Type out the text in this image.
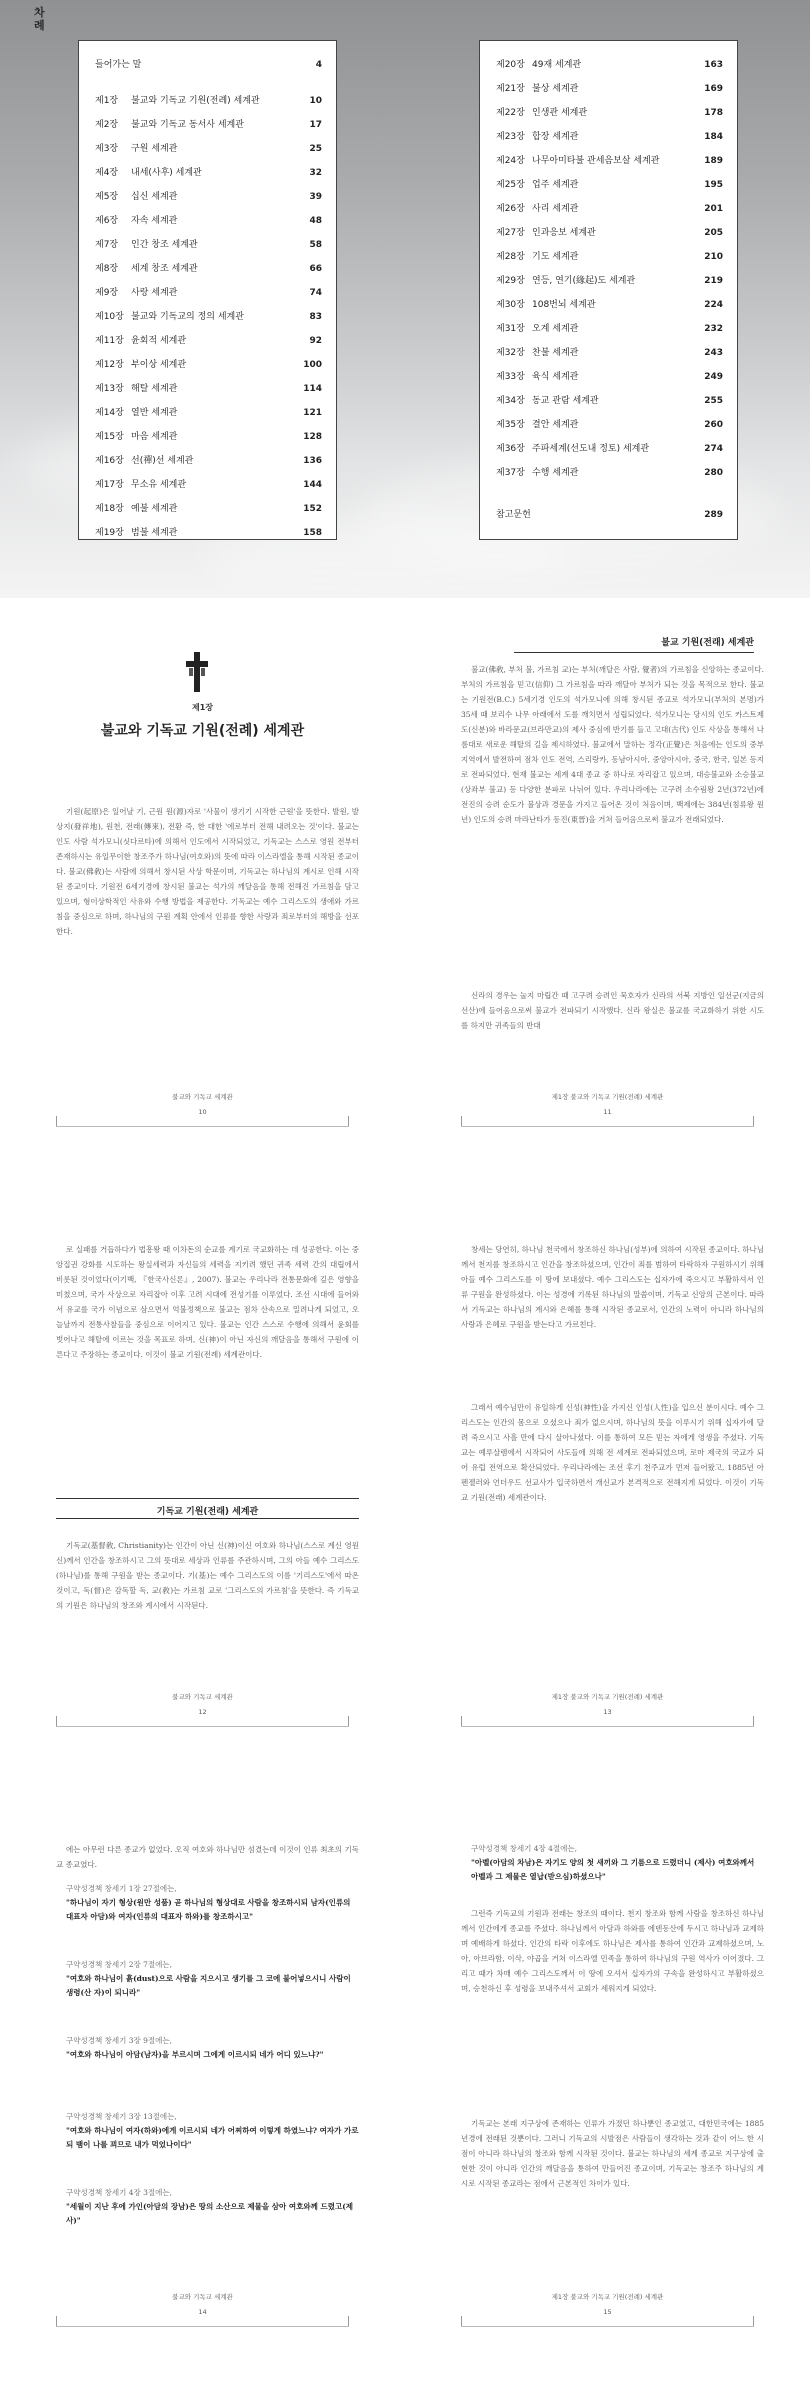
차례
들어가는 말	4
제1장	불교와 기독교 기원(전례) 세계관	10
제2장	불교와 기독교 동서사 세계관	17
제3장	구원 세계관	25
제4장	내세(사후) 세계관	32
제5장	십신 세계관	39
제6장	자속 세계관	48
제7장	인간 창조 세계관	58
제8장	세계 창조 세계관	66
제9장	사랑 세계관	74
제10장 불교와 기독교의 정의 세계관	83
제11장 윤회적 세계관	92
제12장 부이상 세계관	100
제13장 해탈 세계관	114
제14장 열반 세계관	121
제15장 마음 세계관	128
제16장 선(禪)선 세계관	136
제17장 무소유 세계관	144
제18장 예불 세계관	152
제19장 범불 세계관	158
제20장 49재 세계관	163
제21장 불상 세계관	169
제22장 인생관 세계관	178
제23장 합장 세계관	184
제24장 나무아미타불 관세음보살 세계관	189
제25장 업주 세계관	195
제26장 사리 세계관	201
제27장 인과응보 세계관	205
제28장 기도 세계관	210
제29장 연등, 연기(緣起)도 세계관	219
제30장 108번뇌 세계관	224
제31장 오계 세계관	232
제32장 찬불 세계관	243
제33장 육식 세계관	249
제34장 동교 관람 세계관	255
제35장 결안 세계관	260
제36장 주파세계(선도내 정토) 세계관	274
제37장 수행 세계관	280
참고문헌	289
제1장
불교와 기독교 기원(전례) 세계관
기원(起原)은 일어날 기, 근원 원(源)자로 '사물이 생기기 시작한 근원'을 뜻한다. 발원, 발상지(發祥地), 원천, 전래(傳來), 전환 즉, 한 대한 '에로부터 전해 내려오는 것'이다. 불교는 인도 사람 석가모니(싯다르타)에 의해서 인도에서 시작되었고, 기독교는 스스로 영원 전부터 존재하시는 유일무이한 창조주가 하나님(여호와)의 뜻에 따라 이스라엘을 통해 시작된 종교이다. 불교(佛敎)는 사람에 의해서 창시된 사상 학문이며, 기독교는 하나님의 계시로 인해 시작된 종교이다. 기원전 6세기경에 창시된 불교는 석가의 깨달음을 통해 전해진 가르침을 담고 있으며, 형이상학적인 사유와 수행 방법을 제공한다. 기독교는 예수 그리스도의 생애와 가르침을 중심으로 하며, 하나님의 구원 계획 안에서 인류를 향한 사랑과 죄로부터의 해방을 선포한다.
불교와 기독교 세계관
10
불교 기원(전래) 세계관
불교(佛敎, 부처 불, 가르침 교)는 부처(깨달은 사람, 覺者)의 가르침을 신앙하는 종교이다. 부처의 가르침을 믿고(信仰) 그 가르침을 따라 깨달아 부처가 되는 것을 목적으로 한다. 불교는 기원전(B.C.) 5세기경 인도의 석가모니에 의해 창시된 종교로 석가모니(부처의 본명)가 35세 때 보리수 나무 아래에서 도를 깨치면서 성립되었다. 석가모니는 당시의 인도 카스트제도(신분)와 바라문교(브라만교)의 제사 중심에 반기를 들고 고대(古代) 인도 사상을 통해서 나름대로 새로운 해탈의 길을 제시하였다. 불교에서 말하는 정각(正覺)은 처음에는 인도의 중부 지역에서 발전하여 점차 인도 전역, 스리랑카, 동남아시아, 중앙아시아, 중국, 한국, 일본 등지로 전파되었다. 현재 불교는 세계 4대 종교 중 하나로 자리잡고 있으며, 대승불교와 소승불교(상좌부 불교) 등 다양한 분파로 나뉘어 있다. 우리나라에는 고구려 소수림왕 2년(372년)에 전진의 승려 순도가 불상과 경문을 가지고 들어온 것이 처음이며, 백제에는 384년(침류왕 원년) 인도의 승려 마라난타가 동진(東晉)을 거쳐 들어옴으로써 불교가 전래되었다.
신라의 경우는 눌지 마립간 때 고구려 승려인 묵호자가 신라의 서북 지방인 일선군(지금의 선산)에 들어옴으로써 불교가 전파되기 시작했다. 신라 왕실은 불교를 국교화하기 위한 시도를 하지만 귀족들의 반대
제1장 불교와 기독교 기원(전례) 세계관
11
로 실패를 거듭하다가 법흥왕 때 이차돈의 순교를 계기로 국교화하는 데 성공한다. 이는 중앙집권 강화를 시도하는 왕실세력과 자신들의 세력을 지키려 했던 귀족 세력 간의 대립에서 비롯된 것이었다(이기백, 『한국사신론』, 2007). 불교는 우리나라 전통문화에 깊은 영향을 미쳤으며, 국가 사상으로 자리잡아 이후 고려 시대에 전성기를 이루었다. 조선 시대에 들어와서 유교를 국가 이념으로 삼으면서 억불정책으로 불교는 점차 산속으로 밀려나게 되었고, 오늘날까지 전통사찰들을 중심으로 이어지고 있다. 불교는 인간 스스로 수행에 의해서 윤회를 벗어나고 해탈에 이르는 것을 목표로 하며, 신(神)이 아닌 자신의 깨달음을 통해서 구원에 이른다고 주장하는 종교이다. 이것이 불교 기원(전례) 세계관이다.
기독교 기원(전래) 세계관
기독교(基督敎, Christianity)는 인간이 아닌 신(神)이신 여호와 하나님(스스로 계신 영원 신)께서 인간을 창조하시고 그의 뜻대로 세상과 인류를 주관하시며, 그의 아들 예수 그리스도(하나님)를 통해 구원을 받는 종교이다. 기(基)는 예수 그리스도의 이름 '기리스도'에서 따온 것이고, 독(督)은 감독할 독, 교(敎)는 가르침 교로 '그리스도의 가르침'을 뜻한다. 즉 기독교의 기원은 하나님의 창조와 계시에서 시작된다.
불교와 기독교 세계관
12
창세는 당연히, 하나님 천국에서 창조하신 하나님(성부)에 의하여 시작된 종교이다. 하나님께서 천지를 창조하시고 인간을 창조하셨으며, 인간이 죄를 범하여 타락하자 구원하시기 위해 아들 예수 그리스도를 이 땅에 보내셨다. 예수 그리스도는 십자가에 죽으시고 부활하셔서 인류 구원을 완성하셨다. 이는 성경에 기록된 하나님의 말씀이며, 기독교 신앙의 근본이다. 따라서 기독교는 하나님의 계시와 은혜를 통해 시작된 종교로서, 인간의 노력이 아니라 하나님의 사랑과 은혜로 구원을 받는다고 가르친다.
그래서 예수님만이 유일하게 신성(神性)을 가지신 인성(人性)을 입으신 분이시다. 예수 그리스도는 인간의 몸으로 오셨으나 죄가 없으시며, 하나님의 뜻을 이루시기 위해 십자가에 달려 죽으시고 사흘 만에 다시 살아나셨다. 이를 통하여 모든 믿는 자에게 영생을 주셨다. 기독교는 예루살렘에서 시작되어 사도들에 의해 전 세계로 전파되었으며, 로마 제국의 국교가 되어 유럽 전역으로 확산되었다. 우리나라에는 조선 후기 천주교가 먼저 들어왔고, 1885년 아펜젤러와 언더우드 선교사가 입국하면서 개신교가 본격적으로 전해지게 되었다. 이것이 기독교 기원(전래) 세계관이다.
제1장 불교와 기독교 기원(전례) 세계관
13
에는 아무런 다른 종교가 없었다. 오직 여호와 하나님만 섬겼는데 이것이 인류 최초의 기독교 종교였다.
구약성경책 창세기 1장 27절에는,
"하나님이 자기 형상(원만 성품) 곧 하나님의 형상대로 사람을 창조하시되 남자(인류의 대표자 아담)와 여자(인류의 대표자 하와)를 창조하시고"
구약성경책 창세기 2장 7절에는,
"여호와 하나님이 흙(dust)으로 사람을 지으시고 생기를 그 코에 불어넣으시니 사람이 생령(산 자)이 되니라"
구약성경책 창세기 3장 9절에는,
"여호와 하나님이 아담(남자)을 부르시며 그에게 이르시되 네가 어디 있느냐?"
구약성경책 창세기 3장 13절에는,
"여호와 하나님이 여자(하와)에게 이르시되 네가 어찌하여 이렇게 하였느냐? 여자가 가로되 뱀이 나를 꾀므로 내가 먹었나이다"
구약성경책 창세기 4장 3절에는,
"세월이 지난 후에 가인(아담의 장남)은 땅의 소산으로 제물을 삼아 여호와께 드렸고(제사)"
불교와 기독교 세계관
14
구약성경책 창세기 4장 4절에는,
"아벨(아담의 차남)은 자기도 양의 첫 새끼와 그 기름으로 드렸더니 (제사) 여호와께서 아벨과 그 제물은 열납(받으심)하셨으나"
그런즉 기독교의 기원과 전래는 창조의 때이다. 천지 창조와 함께 사람을 창조하신 하나님께서 인간에게 종교를 주셨다. 하나님께서 아담과 하와를 에덴동산에 두시고 하나님과 교제하며 예배하게 하셨다. 인간의 타락 이후에도 하나님은 제사를 통하여 인간과 교제하셨으며, 노아, 아브라함, 이삭, 야곱을 거쳐 이스라엘 민족을 통하여 하나님의 구원 역사가 이어졌다. 그리고 때가 차매 예수 그리스도께서 이 땅에 오셔서 십자가의 구속을 완성하시고 부활하셨으며, 승천하신 후 성령을 보내주셔서 교회가 세워지게 되었다.
기독교는 본래 지구상에 존재하는 인류가 가졌던 하나뿐인 종교였고, 대한민국에는 1885년경에 전래된 것뿐이다. 그러니 기독교의 시발점은 사람들이 생각하는 것과 같이 어느 한 시점이 아니라 하나님의 창조와 함께 시작된 것이다. 불교는 하나님의 세계 종교로 지구상에 출현한 것이 아니라 인간의 깨달음을 통하여 만들어진 종교이며, 기독교는 창조주 하나님의 계시로 시작된 종교라는 점에서 근본적인 차이가 있다.
제1장 불교와 기독교 기원(전례) 세계관
15
